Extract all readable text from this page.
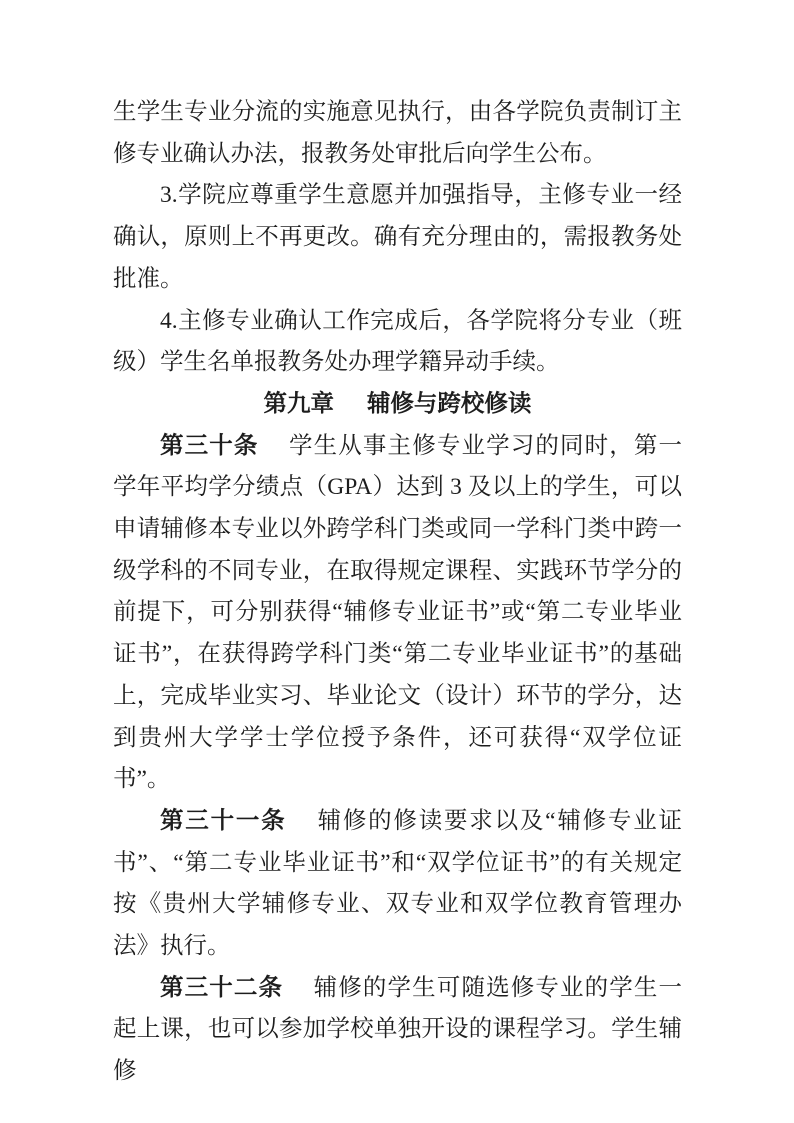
生学生专业分流的实施意见执行，由各学院负责制订主修专业确认办法，报教务处审批后向学生公布。

3.学院应尊重学生意愿并加强指导，主修专业一经确认，原则上不再更改。确有充分理由的，需报教务处批准。

4.主修专业确认工作完成后，各学院将分专业（班级）学生名单报教务处办理学籍异动手续。

第九章 辅修与跨校修读

第三十条 学生从事主修专业学习的同时，第一学年平均学分绩点（GPA）达到 3 及以上的学生，可以申请辅修本专业以外跨学科门类或同一学科门类中跨一级学科的不同专业，在取得规定课程、实践环节学分的前提下，可分别获得“辅修专业证书”或“第二专业毕业证书”，在获得跨学科门类“第二专业毕业证书”的基础上，完成毕业实习、毕业论文（设计）环节的学分，达到贵州大学学士学位授予条件，还可获得“双学位证书”。

第三十一条 辅修的修读要求以及“辅修专业证书”、“第二专业毕业证书”和“双学位证书”的有关规定按《贵州大学辅修专业、双专业和双学位教育管理办法》执行。

第三十二条 辅修的学生可随选修专业的学生一起上课，也可以参加学校单独开设的课程学习。学生辅修
